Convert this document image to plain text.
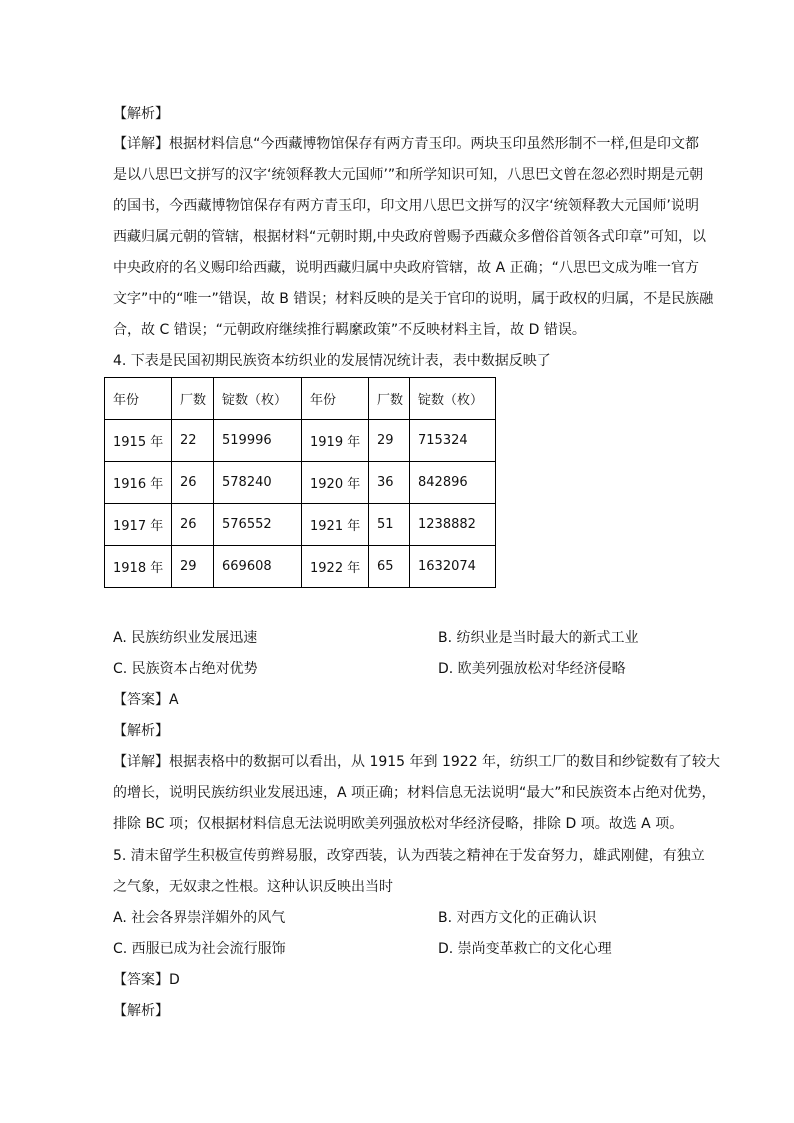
【解析】
【详解】根据材料信息“今西藏博物馆保存有两方青玉印。两块玉印虽然形制不一样,但是印文都
是以八思巴文拼写的汉字‘统领释教大元国师’”和所学知识可知，八思巴文曾在忽必烈时期是元朝
的国书，今西藏博物馆保存有两方青玉印，印文用八思巴文拼写的汉字‘统领释教大元国师’说明
西藏归属元朝的管辖，根据材料“元朝时期,中央政府曾赐予西藏众多僧俗首领各式印章”可知，以
中央政府的名义赐印给西藏，说明西藏归属中央政府管辖，故 A 正确；“八思巴文成为唯一官方
文字”中的“唯一”错误，故 B 错误；材料反映的是关于官印的说明，属于政权的归属，不是民族融
合，故 C 错误；“元朝政府继续推行羁縻政策”不反映材料主旨，故 D 错误。
4. 下表是民国初期民族资本纺织业的发展情况统计表，表中数据反映了
年份	厂数	锭数（枚）	年份	厂数	锭数（枚）
1915 年	22	519996	1919 年	29	715324
1916 年	26	578240	1920 年	36	842896
1917 年	26	576552	1921 年	51	1238882
1918 年	29	669608	1922 年	65	1632074
A. 民族纺织业发展迅速	B. 纺织业是当时最大的新式工业
C. 民族资本占绝对优势	D. 欧美列强放松对华经济侵略
【答案】A
【解析】
【详解】根据表格中的数据可以看出，从 1915 年到 1922 年，纺织工厂的数目和纱锭数有了较大
的增长，说明民族纺织业发展迅速，A 项正确；材料信息无法说明“最大”和民族资本占绝对优势，
排除 BC 项；仅根据材料信息无法说明欧美列强放松对华经济侵略，排除 D 项。故选 A 项。
5. 清末留学生积极宣传剪辫易服，改穿西装，认为西装之精神在于发奋努力，雄武刚健，有独立
之气象，无奴隶之性根。这种认识反映出当时
A. 社会各界崇洋媚外的风气	B. 对西方文化的正确认识
C. 西服已成为社会流行服饰	D. 崇尚变革救亡的文化心理
【答案】D
【解析】
